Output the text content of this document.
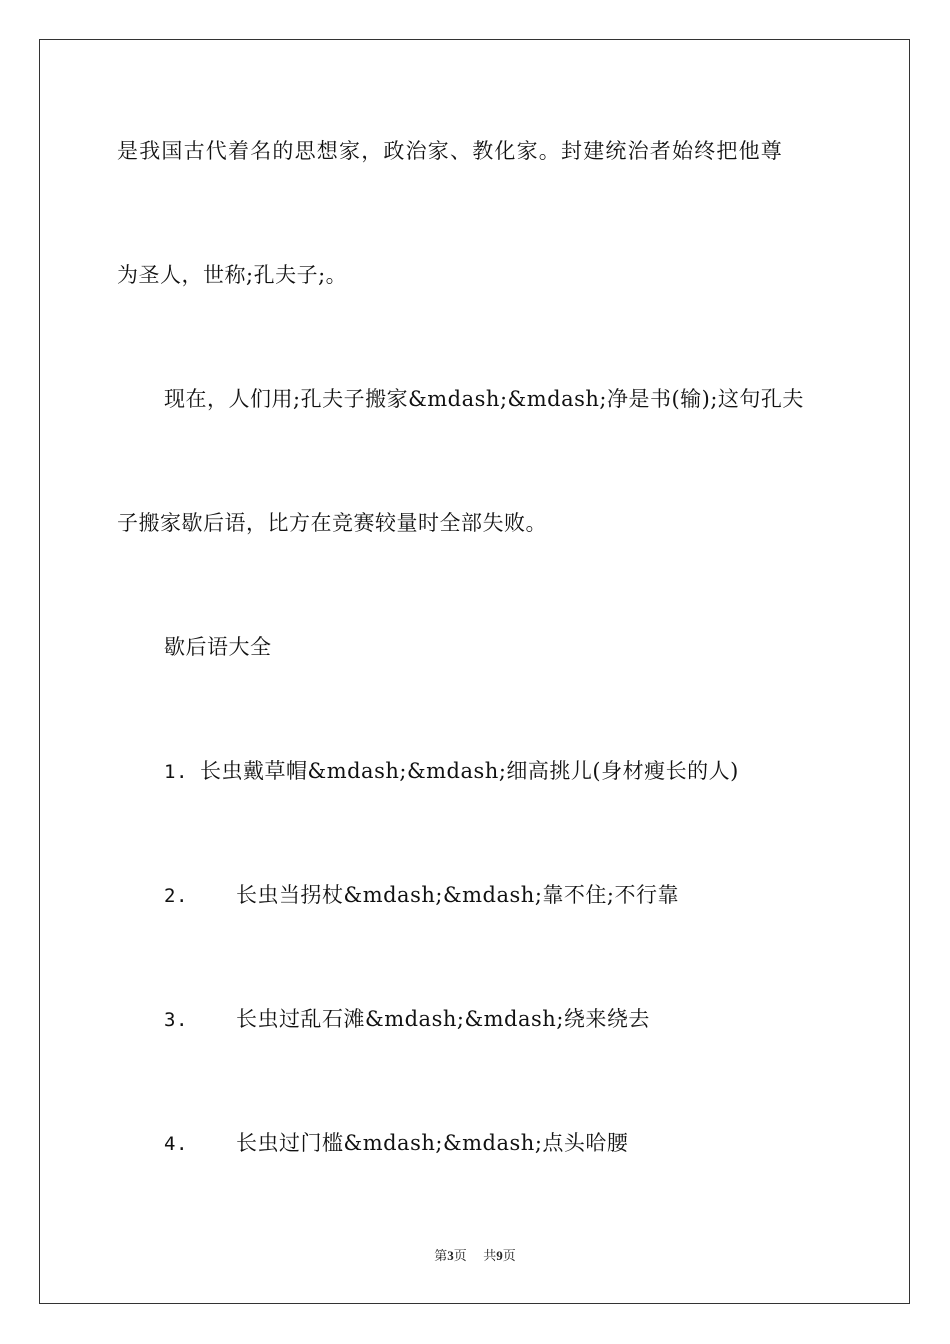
是我国古代着名的思想家，政治家、教化家。封建统治者始终把他尊
为圣人，世称;孔夫子;。
现在，人们用;孔夫子搬家&mdash;&mdash;净是书(输);这句孔夫
子搬家歇后语，比方在竞赛较量时全部失败。
歇后语大全
1. 长虫戴草帽&mdash;&mdash;细高挑儿(身材瘦长的人)
2. 长虫当拐杖&mdash;&mdash;靠不住;不行靠
3. 长虫过乱石滩&mdash;&mdash;绕来绕去
4. 长虫过门槛&mdash;&mdash;点头哈腰
第3页 共9页
